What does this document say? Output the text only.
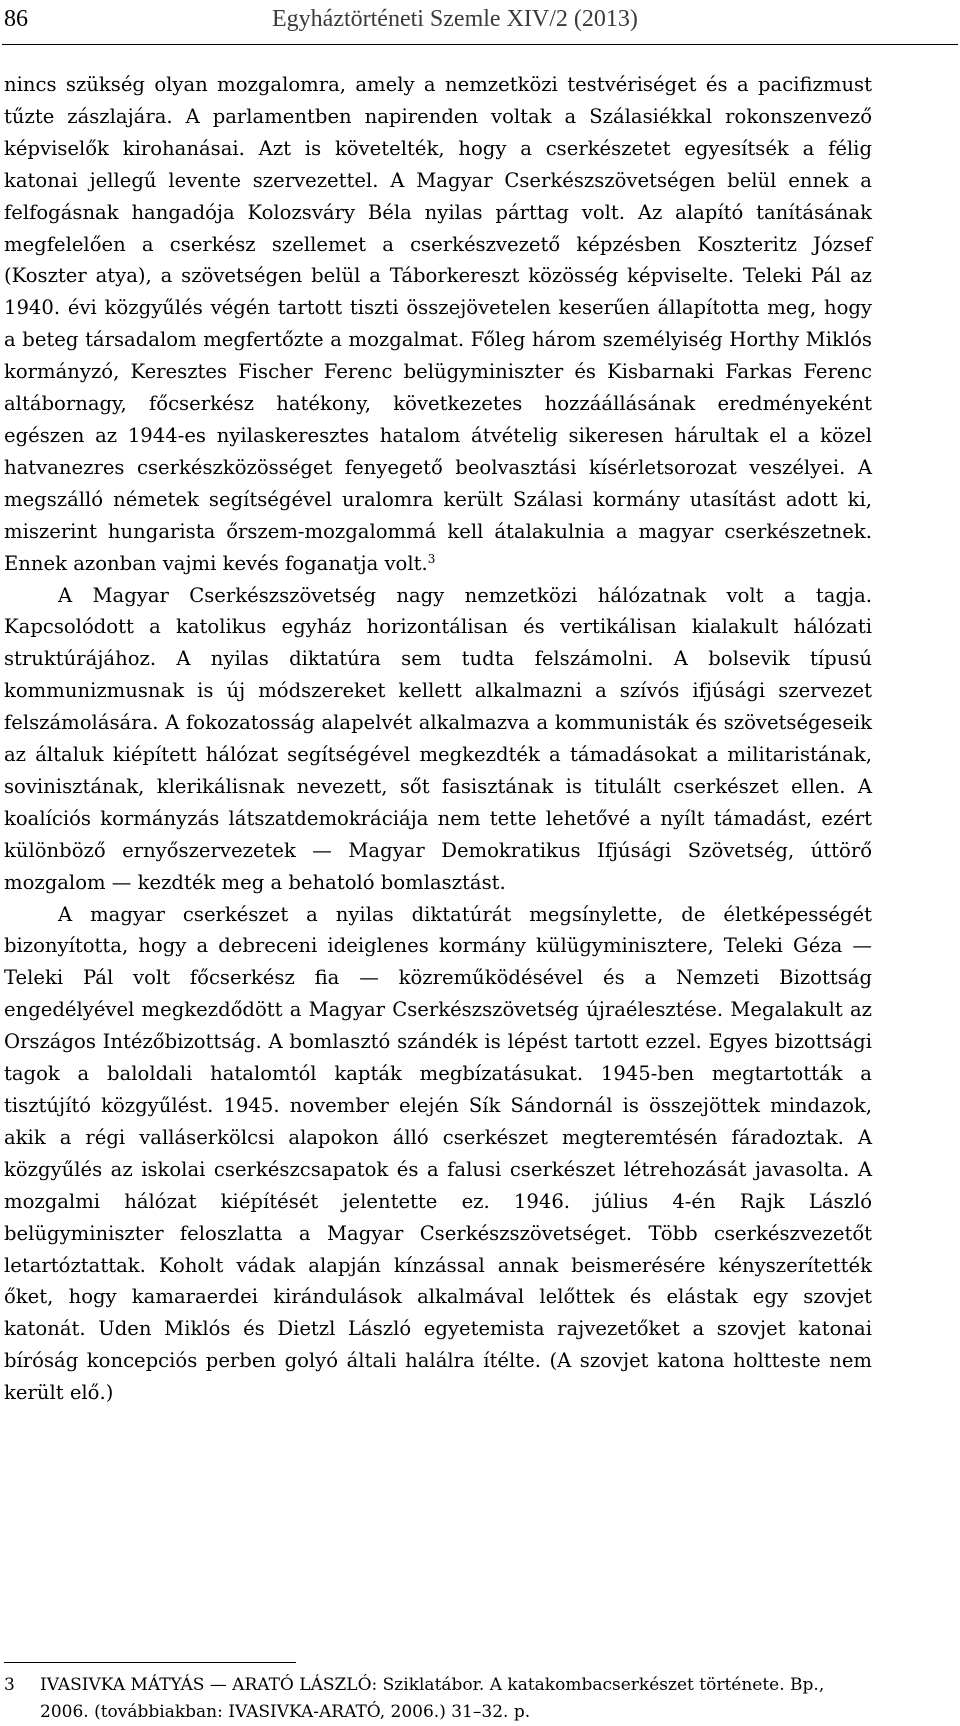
86	Egyháztörténeti Szemle XIV/2 (2013)

nincs szükség olyan mozgalomra, amely a nemzetközi testvériséget és a pacifizmust tűzte zászlajára. A parlamentben napirenden voltak a Szálasiékkal rokonszenvező képviselők kirohanásai. Azt is követelték, hogy a cserkészetet egyesítsék a félig katonai jellegű levente szervezettel. A Magyar Cserkészszövetségen belül ennek a felfogásnak hangadója Kolozsváry Béla nyilas párttag volt. Az alapító tanításának megfelelően a cserkész szellemet a cserkészvezető képzésben Koszteritz József (Koszter atya), a szövetségen belül a Táborkereszt közösség képviselte. Teleki Pál az 1940. évi közgyűlés végén tartott tiszti összejövetelen keserűen állapította meg, hogy a beteg társadalom megfertőzte a mozgalmat. Főleg három személyiség Horthy Miklós kormányzó, Keresztes Fischer Ferenc belügyminiszter és Kisbarnaki Farkas Ferenc altábornagy, főcserkész hatékony, következetes hozzáállásának eredményeként egészen az 1944-es nyilaskeresztes hatalom átvételig sikeresen hárultak el a közel hatvanezres cserkészközösséget fenyegető beolvasztási kísérletsorozat veszélyei. A megszálló németek segítségével uralomra került Szálasi kormány utasítást adott ki, miszerint hungarista őrszem-mozgalommá kell átalakulnia a magyar cserkészetnek. Ennek azonban vajmi kevés foganatja volt.$^3$

A Magyar Cserkészszövetség nagy nemzetközi hálózatnak volt a tagja. Kapcsolódott a katolikus egyház horizontálisan és vertikálisan kialakult hálózati struktúrájához. A nyilas diktatúra sem tudta felszámolni. A bolsevik típusú kommunizmusnak is új módszereket kellett alkalmazni a szívós ifjúsági szervezet felszámolására. A fokozatosság alapelvét alkalmazva a kommunisták és szövetségeseik az általuk kiépített hálózat segítségével megkezdték a támadásokat a militaristának, sovinisztának, klerikálisnak nevezett, sőt fasisztának is titulált cserkészet ellen. A koalíciós kormányzás látszatdemokráciája nem tette lehetővé a nyílt támadást, ezért különböző ernyőszervezetek — Magyar Demokratikus Ifjúsági Szövetség, úttörő mozgalom — kezdték meg a behatoló bomlasztást.

A magyar cserkészet a nyilas diktatúrát megsínylette, de életképességét bizonyította, hogy a debreceni ideiglenes kormány külügyminisztere, Teleki Géza — Teleki Pál volt főcserkész fia — közreműködésével és a Nemzeti Bizottság engedélyével megkezdődött a Magyar Cserkészszövetség újraélesztése. Megalakult az Országos Intézőbizottság. A bomlasztó szándék is lépést tartott ezzel. Egyes bizottsági tagok a baloldali hatalomtól kapták megbízatásukat. 1945-ben megtartották a tisztújító közgyűlést. 1945. november elején Sík Sándornál is összejöttek mindazok, akik a régi valláserkölcsi alapokon álló cserkészet megteremtésén fáradoztak. A közgyűlés az iskolai cserkészcsapatok és a falusi cserkészet létrehozását javasolta. A mozgalmi hálózat kiépítését jelentette ez. 1946. július 4-én Rajk László belügyminiszter feloszlatta a Magyar Cserkészszövetséget. Több cserkészvezetőt letartóztattak. Koholt vádak alapján kínzással annak beismerésére kényszerítették őket, hogy kamaraerdei kirándulások alkalmával lelőttek és elástak egy szovjet katonát. Uden Miklós és Dietzl László egyetemista rajvezetőket a szovjet katonai bíróság koncepciós perben golyó általi halálra ítélte. (A szovjet katona holtteste nem került elő.)

3 IVASIVKA MÁTYÁS — ARATÓ LÁSZLÓ: Sziklatábor. A katakombacserkészet története. Bp., 2006. (továbbiakban: IVASIVKA-ARATÓ, 2006.) 31–32. p.
